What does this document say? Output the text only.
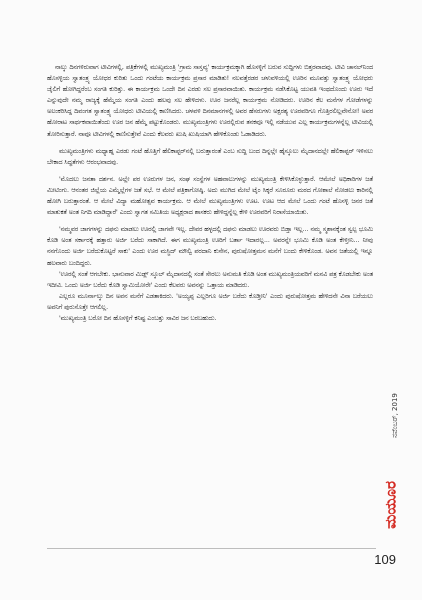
ನಾಲ್ಕು ದಿನಗಳಿರುವಾಗ ಟೀವಿಗಳಲ್ಲಿ, ಪತ್ರಿಕೆಗಳಲ್ಲಿ ಮುಖ್ಯಮಂತ್ರಿ 'ಗ್ರಾಮ ಸಾಸ್ತವ್ಯ' ಕಾರ್ಯಕ್ರಮಕ್ಕಾಗಿ ಹೊಸಳ್ಳಿಗೆ ಬರುವ ಸುದ್ದಿಗಳು ಬಿತ್ತರವಾದವು. ಟೀವಿ ಚಾನಲ್‌ನಿಂದ ಹೊಸಳ್ಳಿಯ ಸ್ವಾತಂತ್ರ್ಯ ಯೋಧರ ಕುರಿತು ಒಂದು ಗಂಟೆಯ ಕಾರ್ಯಕ್ರಮ ಪ್ರಸಾರ ಮಾಡಿತು! ನಲವತ್ತೆರಡರ ಚಳುವಳಿಯಲ್ಲಿ ಊರಿನ ಮೂವತ್ತು ಸ್ವಾತಂತ್ರ್ಯ ಯೋಧರು ಜೈಲಿಗೆ ಹೋಗಿದ್ದರೆಂಬ ಸಂಗತಿ ಕುರಿತ್ತು. ಈ ಕಾರ್ಯಕ್ರಮ ಒಂದೇ ದಿನ ಎರಡು ಸಲ ಪ್ರಸಾರವಾಯಿತು. ಕಾರ್ಯಕ್ರಮ ನಡೆಸಿಕೊಟ್ಟ ಯುವತಿ ಇಂಥದೊಂದು ಊರು ಇದೆ ಎನ್ನುವುದೇ ನಮ್ಮ ರಾಜ್ಯಕ್ಕೆ ಹೆಮ್ಮೆಯ ಸಂಗತಿ ಎಂದು ಹಲವು ಸಲ ಹೇಳಿದಳು. ಊರ ಜನರೆಲ್ಲ ಕಾರ್ಯಕ್ರಮ ನೋಡಿದರು. ಊರಿನ ಕೆಲ ಮನೆಗಳ ಗೋಡೆಗಳನ್ನು ಅಲಂಕರಿಸಿದ್ದ ದಿವಂಗತ ಸ್ವಾತಂತ್ರ್ಯ ಯೋಧರು ಟೀವಿಯಲ್ಲಿ ಕಾಣಿಸಿದರು. ಚಳವಳಿ ದಿನಮಾನಗಳಲ್ಲಿ ಅವರ ಹೆಸರುಗಳು ಅಕ್ಷರಶ್ಯ ಊರವರಿಗೂ ಗೊತ್ತಿರಲಿಲ್ಲವೇನೋ! ಅವರ ಹೋರಾಟ ಸಾರ್ಥಕವಾಯಿತೆಂದು ಊರ ಜನ ಹೆಮ್ಮೆ ಪಟ್ಟುಕೊಂಡರು. ಮುಖ್ಯಮಂತ್ರಿಗಳು ಊರಲ್ಲಿರುವ ತನಕವೂ ಇಲ್ಲಿ ನಡೆಯುವ ಎಲ್ಲ ಕಾರ್ಯಕ್ರಮಗಳನ್ನೆಲ್ಲ ಟೀವಿಯಲ್ಲಿ ತೋರಿಸುತ್ತಾರೆ. ನಾವೂ ಟೀವಿಗಳಲ್ಲಿ ಕಾಣಿಸುತ್ತೇವೆ ಎಂದು ಕೆಲವರು ಖುಷಿ ಖುಷಿಯಾಗಿ ಹೇಳಿಕೊಂಡು ಓಡಾಡಿದರು.

ಮುಖ್ಯಮಂತ್ರಿಗಳು ಮಧ್ಯಾಹ್ನ ಎರಡು ಗಂಟೆ ಹೊತ್ತಿಗೆ ಹೆಲಿಕಾಪ್ಟರ್‌ನಲ್ಲಿ ಬರುತ್ತಾರಂತೆ ಎಂಬ ಸುದ್ದಿ ಬಂದ ದಿನ್ನಲ್ಲೇ ಹೈಸ್ಕೂಲು ಮೈದಾನದಲ್ಲೇ ಹೆಲಿಕಾಪ್ಟರ್ ಇಳಿಸಲು ಬೇಕಾದ ಸಿದ್ಧತೆಗಳು ಆರಂಭವಾದವು.

'ಮೊದಲು ಜನತಾ ದರ್ಶನ. ಅಲ್ಲೇ ಪರ ಊರುಗಳ ಜನ, ಸಂಘ ಸಂಸ್ಥೆಗಳ ಅಹವಾಲುಗಳನ್ನು ಮುಖ್ಯಮಂತ್ರಿ ಕೇಳಿಸಿಕೊಳ್ಳುತ್ತಾರೆ. ಆಮೇಲೆ ಅಧಿಕಾರಿಗಳ ಜತೆ ಮೀಟಿಂಗು. ಆನಂತರ ಜಿಲ್ಲೆಯ ಎಮ್ಮೆಲ್ಲೆಗಳ ಜತೆ ಸಭೆ. ಆ ಮೇಲೆ ಪತ್ರಿಕಾಗೋಷ್ಠಿ. ಅದು ಮುಗಿದ ಮೇಲೆ ಟೈಂ ಸಿಕ್ಕರೆ ಸೂರೂರು ಮಠದ ಗೋಶಾಲೆ ನೋಡಲು ಕಾರಿನಲ್ಲಿ ಹೋಗಿ ಬರುತ್ತಾರಂತೆ. ಆ ಮೇಲೆ ವಿದ್ಯಾ ಮಹೋತ್ಸವ ಕಾರ್ಯಕ್ರಮ. ಆ ಮೇಲೆ ಮುಖ್ಯಮಂತ್ರಿಗಳು ಊಟ. ಊಟ ಆದ ಮೇಲೆ ಒಂದು ಗಂಟೆ ಹೊಸಳ್ಳಿ ಜನರ ಜತೆ ಮಾತುಕತೆ ಅಂತ ನಿಗದಿ ಮಾಡಿದ್ದಾರೆ' ಎಂದು ಸ್ವಾಗತ ಸಮಿತಿಯ ಅಧ್ಯಕ್ಷರಾದ ಶಾಸಕರು ಹೇಳಿದ್ದನ್ನೆಲ್ಲ ಕೇಳಿ ಊರವರಿಗೆ ನಿರಾಸೆಯಾಯಿತು.

'ನಮ್ಮವರ ಜಾಗಗಳನ್ನು ದಫನು ಮಾಡಲು ಊರಲ್ಲಿ ಜಾಗವೇ ಇಲ್ಲ. ದೇವರ ಹಳ್ಳದಲ್ಲಿ ದಫನು ಮಾಡಲು ಊರವರು ಬಿಡ್ತಾ ಇಲ್ಲ... ನಮ್ಮ ಸ್ಮಶಾನಕ್ಕೆಂತ ಸ್ವಲ್ಪ ಭೂಮಿ ಕೊಡಿ ಅಂತ ಸರ್ಕಾರಕ್ಕೆ ಹತ್ತಾರು ಅರ್ಜಿ ಬರೆದು ಸಾಕಾಗಿದೆ. ಈಗ ಮುಖ್ಯಮಂತ್ರಿ ಊರಿಗೆ ಬರ್ತಾ ಇದಾರಲ್ಲ... ಅವರನ್ನೇ ಭೂಮಿ ಕೊಡಿ ಅಂತ ಕೇಳ್ತೀನಿ... ನೀವು ನನಗೊಂದು ಅರ್ಜಿ ಬರೆದುಕೊಟ್ಟರೆ ಸಾಕು' ಎಂದು ಊರ ಮಸ್ಜಿದ್ ಮೌಲ್ವಿ ಪರದಾನಿ ಕುಸೇನ, ಪುರುಷೋತ್ತಮನ ಮನೆಗೆ ಬಂದು ಕೇಳಿಕೊಂಡ. ಅವನ ಜತೆಯಲ್ಲಿ ಇನ್ನೂ ಹಲವಾರು ಬಂದಿದ್ದರು.

'ಊರಲ್ಲಿ ಸಂತೆ ಆಗಬೇಕು. ಭಾನುವಾರ ಮಿಡ್ಲ್ ಸ್ಕೂಲ್ ಮೈದಾನದಲ್ಲಿ ಸಂತೆ ಸೇರಲು ಅನುಮತಿ ಕೊಡಿ ಅಂತ ಮುಖ್ಯಮಂತ್ರಿಯವರಿಗೆ ಮನವಿ ಪತ್ರ ಕೊಡಬೇಕು ಅಂತ ಇದೀವಿ. ಒಂದು ಅರ್ಜಿ ಬರೆದು ಕೊಡಿ ಸ್ವಾಮಿಯೋರೇ' ಎಂದು ಕೆಲವರು ಅವನನ್ನು ಒತ್ತಾಯ ಮಾಡಿದರು.

ಎಲ್ಲರೂ ಮೂರ್ನಾಲ್ಕು ದಿನ ಅವನ ಮನೆಗೆ ಎಡತಾಕಿದರು. 'ಅಯ್ಯಪ್ಪ ಎಲ್ಲರಿಗೂ ಅರ್ಜಿ ಬರೆದು ಕೊಡ್ತೀನಿ' ಎಂದು ಪುರುಷೋತ್ತಮ ಹೇಳಿದನೇ ವಿನಾ ಬರೆಯಲು ಅವನಿಗೆ ಪುರುಸೊತ್ತೇ ಆಗಲಿಲ್ಲ.

'ಮುಖ್ಯಮಂತ್ರಿ ಬರೋ ದಿನ ಹೊಸಳ್ಳಿಗೆ ಕನಿಷ್ಟ ಎಂಬತ್ತು ಸಾವಿರ ಜನ ಬರಬಹುದು.

ನವೆಂಬರ್, 2019
ಮಯೂರ
109
